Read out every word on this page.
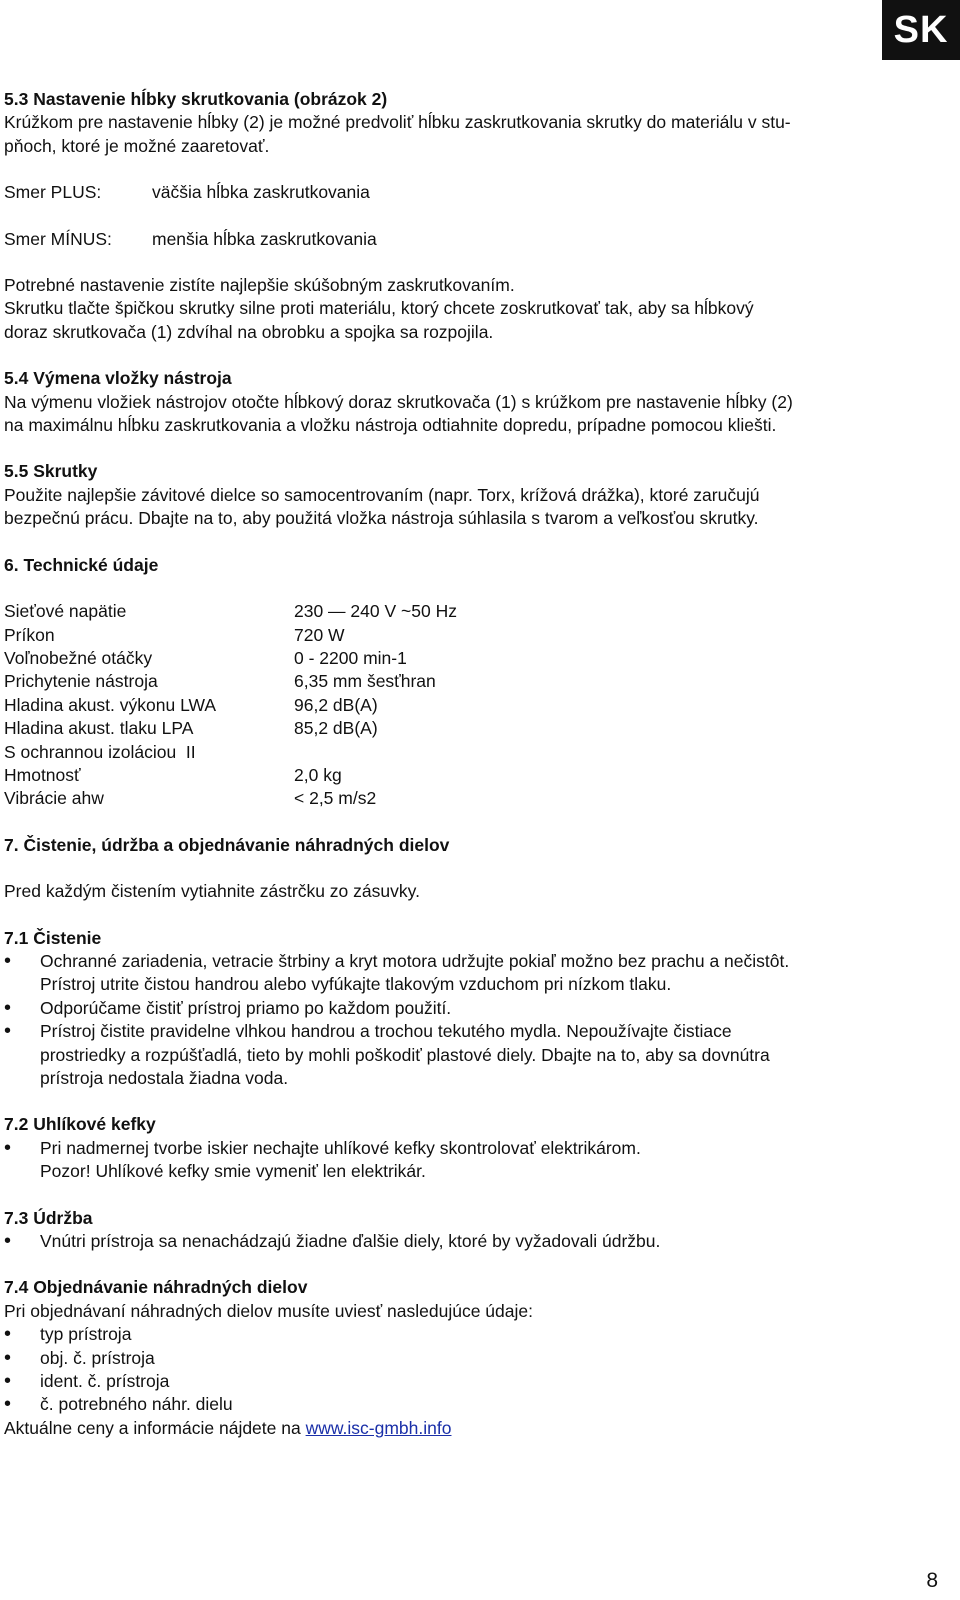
SK
5.3 Nastavenie hĺbky skrutkovania (obrázok 2)

Krúžkom pre nastavenie hĺbky (2) je možné predvoliť hĺbku zaskrutkovania skrutky do materiálu v stu-

pňoch, ktoré je možné zaaretovať.

Smer PLUS:	väčšia hĺbka zaskrutkovania
Smer MÍNUS:	menšia hĺbka zaskrutkovania

Potrebné nastavenie zistíte najlepšie skúšobným zaskrutkovaním.

Skrutku tlačte špičkou skrutky silne proti materiálu, ktorý chcete zoskrutkovať tak, aby sa hĺbkový

doraz skrutkovača (1) zdvíhal na obrobku a spojka sa rozpojila.

5.4 Výmena vložky nástroja

Na výmenu vložiek nástrojov otočte hĺbkový doraz skrutkovača (1) s krúžkom pre nastavenie hĺbky (2)

na maximálnu hĺbku zaskrutkovania a vložku nástroja odtiahnite dopredu, prípadne pomocou kliešti.

5.5 Skrutky

Použite najlepšie závitové dielce so samocentrovaním (napr. Torx, krížová drážka), ktoré zaručujú

bezpečnú prácu. Dbajte na to, aby použitá vložka nástroja súhlasila s tvarom a veľkosťou skrutky.

6. Technické údaje
Sieťové napätie	230 — 240 V ~50 Hz
Príkon	720 W
Voľnobežné otáčky	0 - 2200 min-1
Prichytenie nástroja	6,35 mm šesťhran
Hladina akust. výkonu LWA	96,2 dB(A)
Hladina akust. tlaku LPA	85,2 dB(A)
S ochrannou izoláciou  II
Hmotnosť	2,0 kg
Vibrácie ahw	< 2,5 m/s2
7. Čistenie, údržba a objednávanie náhradných dielov

Pred každým čistením vytiahnite zástrčku zo zásuvky.

7.1 Čistenie
• Ochranné zariadenia, vetracie štrbiny a kryt motora udržujte pokiaľ možno bez prachu a nečistôt.
Prístroj utrite čistou handrou alebo vyfúkajte tlakovým vzduchom pri nízkom tlaku.
• Odporúčame čistiť prístroj priamo po každom použití.
• Prístroj čistite pravidelne vlhkou handrou a trochou tekutého mydla. Nepoužívajte čistiace
prostriedky a rozpúšťadlá, tieto by mohli poškodiť plastové diely. Dbajte na to, aby sa dovnútra
prístroja nedostala žiadna voda.
7.2 Uhlíkové kefky
• Pri nadmernej tvorbe iskier nechajte uhlíkové kefky skontrolovať elektrikárom.
Pozor! Uhlíkové kefky smie vymeniť len elektrikár.
7.3 Údržba
• Vnútri prístroja sa nenachádzajú žiadne ďalšie diely, ktoré by vyžadovali údržbu.
7.4 Objednávanie náhradných dielov

Pri objednávaní náhradných dielov musíte uviesť nasledujúce údaje:

• typ prístroja
• obj. č. prístroja
• ident. č. prístroja
• č. potrebného náhr. dielu

Aktuálne ceny a informácie nájdete na www.isc-gmbh.info

8
